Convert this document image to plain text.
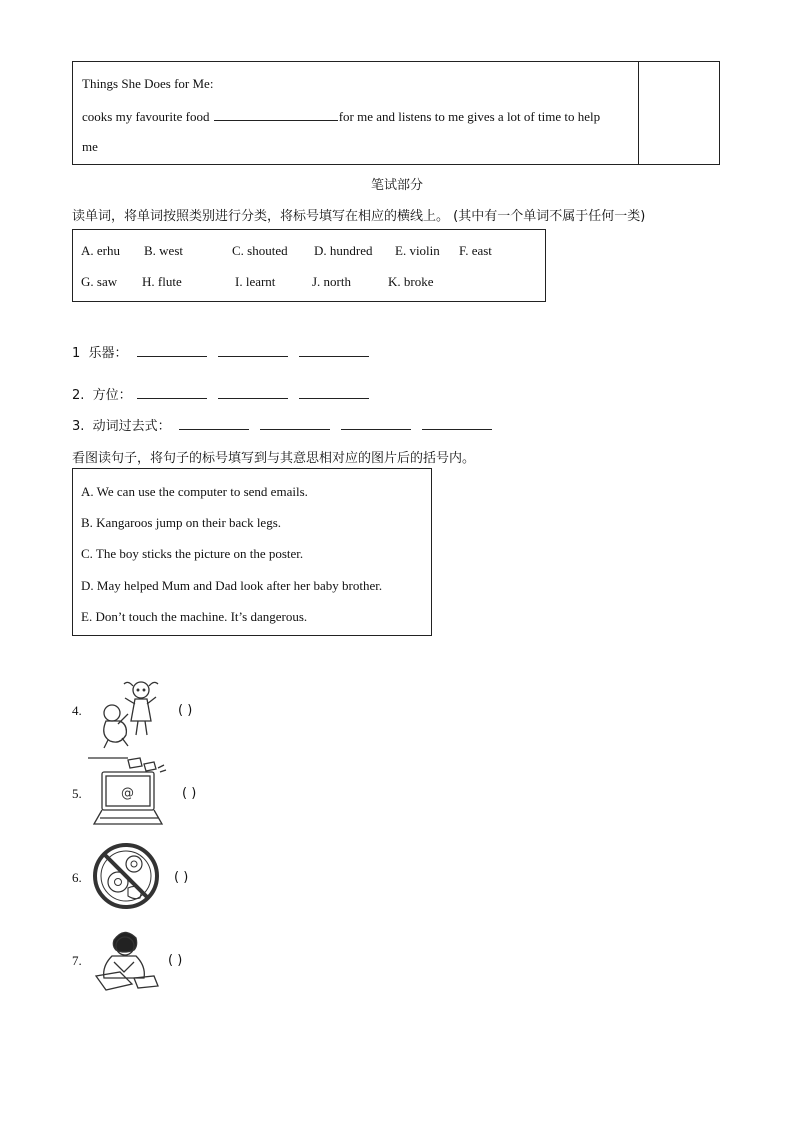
Things She Does for Me:
cooks my favourite food	for me and listens to me gives a lot of time to help
me
笔试部分
读单词，将单词按照类别进行分类，将标号填写在相应的横线上。 (其中有一个单词不属于任何一类)
A. erhu B. west	C. shouted D. hundred E. violin F. east
G. saw H. flute	I. learnt	J. north	K. broke
1 乐器：
2. 方位：
3. 动词过去式：
看图读句子，将句子的标号填写到与其意思相对应的图片后的括号内。
A. We can use the computer to send emails.
B. Kangaroos jump on their back legs.
C. The boy sticks the picture on the poster.
D. May helped Mum and Dad look after her baby brother.
E. Don’t touch the machine. It’s dangerous.
4.	( )
5.	@	( )
6.	( )
7.	( )
